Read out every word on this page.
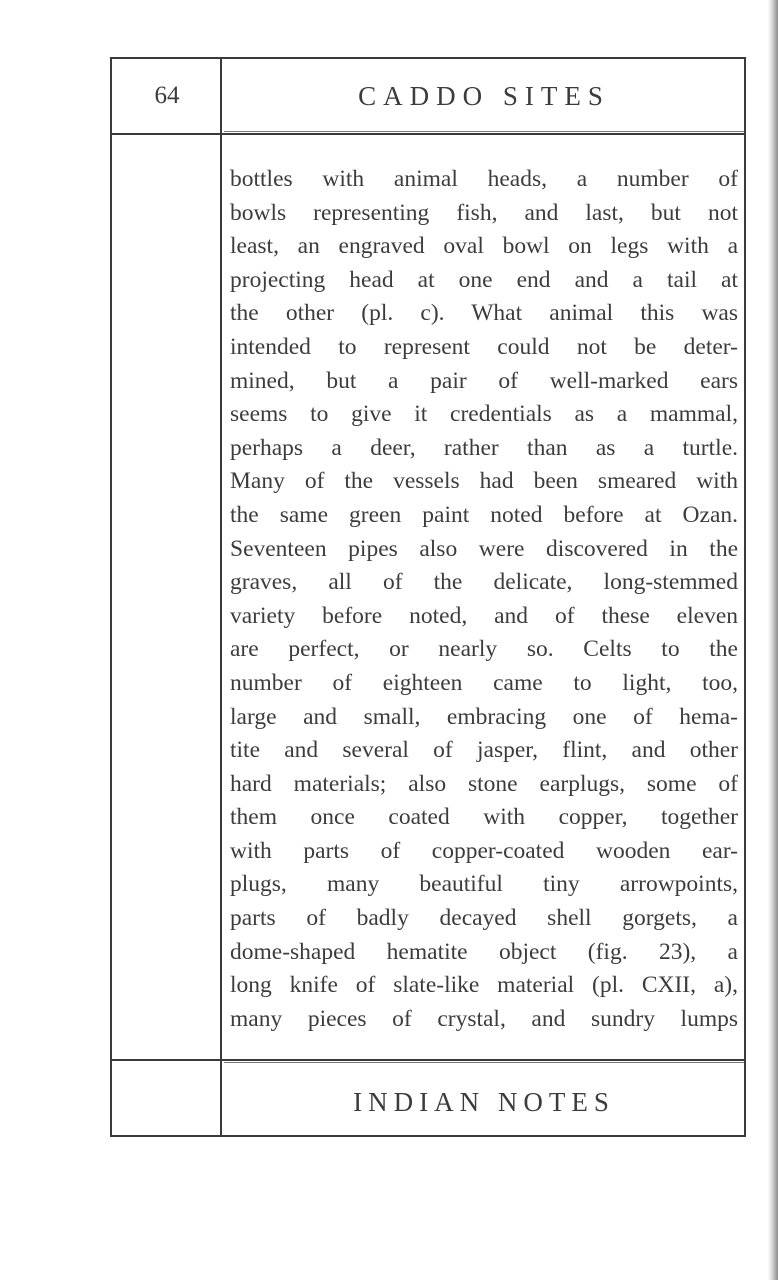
64	CADDO SITES
bottles with animal heads, a number of
bowls representing fish, and last, but not
least, an engraved oval bowl on legs with a
projecting head at one end and a tail at
the other (pl. c). What animal this was
intended to represent could not be deter-
mined, but a pair of well-marked ears
seems to give it credentials as a mammal,
perhaps a deer, rather than as a turtle.
Many of the vessels had been smeared with
the same green paint noted before at Ozan.
Seventeen pipes also were discovered in the
graves, all of the delicate, long-stemmed
variety before noted, and of these eleven
are perfect, or nearly so. Celts to the
number of eighteen came to light, too,
large and small, embracing one of hema-
tite and several of jasper, flint, and other
hard materials; also stone earplugs, some of
them once coated with copper, together
with parts of copper-coated wooden ear-
plugs, many beautiful tiny arrowpoints,
parts of badly decayed shell gorgets, a
dome-shaped hematite object (fig. 23), a
long knife of slate-like material (pl. CXII, a),
many pieces of crystal, and sundry lumps
INDIAN NOTES
